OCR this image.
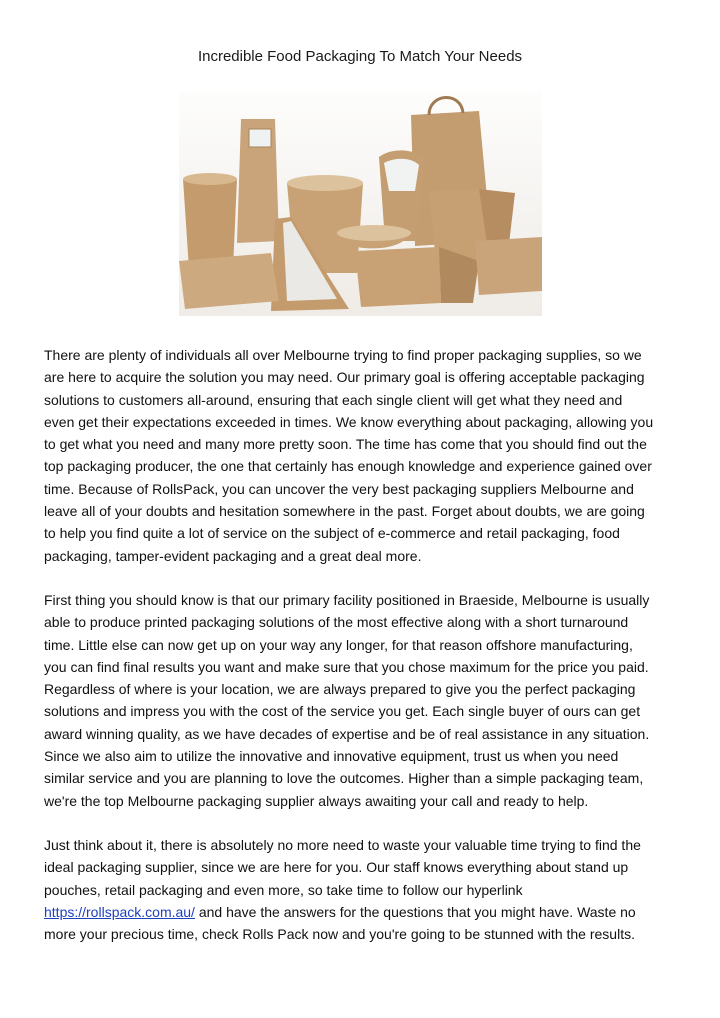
Incredible Food Packaging To Match Your Needs

There are plenty of individuals all over Melbourne trying to find proper packaging supplies, so we
are here to acquire the solution you may need. Our primary goal is offering acceptable packaging
solutions to customers all-around, ensuring that each single client will get what they need and
even get their expectations exceeded in times. We know everything about packaging, allowing you
to get what you need and many more pretty soon. The time has come that you should find out the
top packaging producer, the one that certainly has enough knowledge and experience gained over
time. Because of RollsPack, you can uncover the very best packaging suppliers Melbourne and
leave all of your doubts and hesitation somewhere in the past. Forget about doubts, we are going
to help you find quite a lot of service on the subject of e-commerce and retail packaging, food
packaging, tamper-evident packaging and a great deal more.

First thing you should know is that our primary facility positioned in Braeside, Melbourne is usually
able to produce printed packaging solutions of the most effective along with a short turnaround
time. Little else can now get up on your way any longer, for that reason offshore manufacturing,
you can find final results you want and make sure that you chose maximum for the price you paid.
Regardless of where is your location, we are always prepared to give you the perfect packaging
solutions and impress you with the cost of the service you get. Each single buyer of ours can get
award winning quality, as we have decades of expertise and be of real assistance in any situation.
Since we also aim to utilize the innovative and innovative equipment, trust us when you need
similar service and you are planning to love the outcomes. Higher than a simple packaging team,
we're the top Melbourne packaging supplier always awaiting your call and ready to help.

Just think about it, there is absolutely no more need to waste your valuable time trying to find the
ideal packaging supplier, since we are here for you. Our staff knows everything about stand up
pouches, retail packaging and even more, so take time to follow our hyperlink
https://rollspack.com.au/ and have the answers for the questions that you might have. Waste no
more your precious time, check Rolls Pack now and you're going to be stunned with the results.
